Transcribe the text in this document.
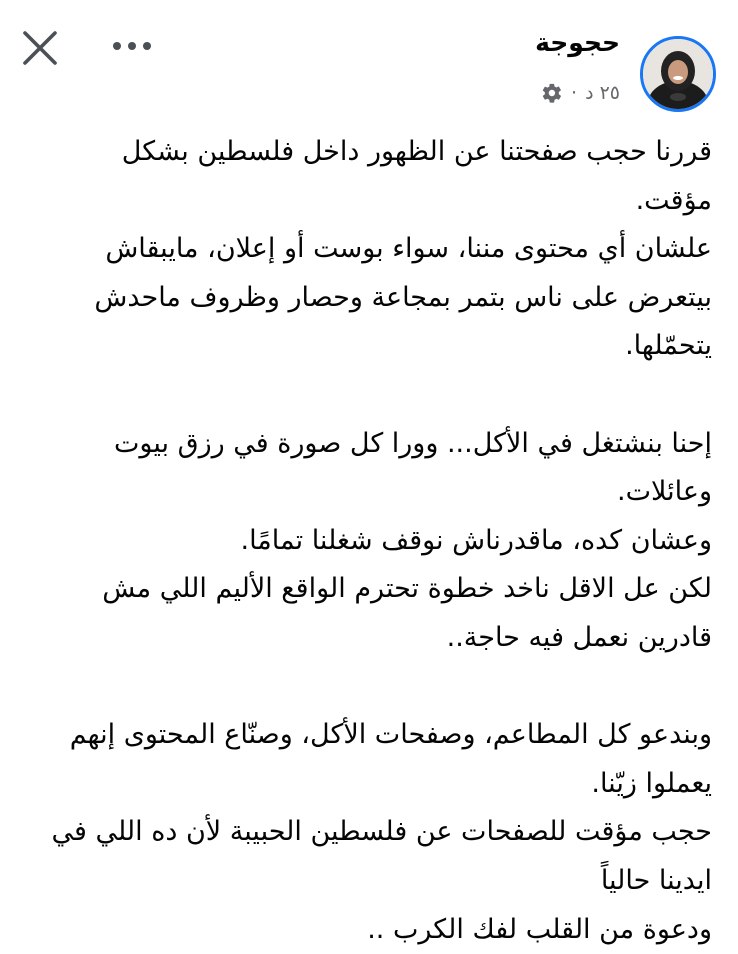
حجوجة
٢٥ د
·
قررنا حجب صفحتنا عن الظهور داخل فلسطين بشكل
مؤقت.
علشان أي محتوى مننا، سواء بوست أو إعلان، مايبقاش
بيتعرض على ناس بتمر بمجاعة وحصار وظروف ماحدش
يتحمّلها.
إحنا بنشتغل في الأكل... وورا كل صورة في رزق بيوت
وعائلات.
وعشان كده، ماقدرناش نوقف شغلنا تمامًا.
لكن عل الاقل ناخد خطوة تحترم الواقع الأليم اللي مش
قادرين نعمل فيه حاجة..
وبندعو كل المطاعم، وصفحات الأكل، وصنّاع المحتوى إنهم
يعملوا زيّنا.
حجب مؤقت للصفحات عن فلسطين الحبيبة لأن ده اللي في
ايدينا حالياً
ودعوة من القلب لفك الكرب ..
